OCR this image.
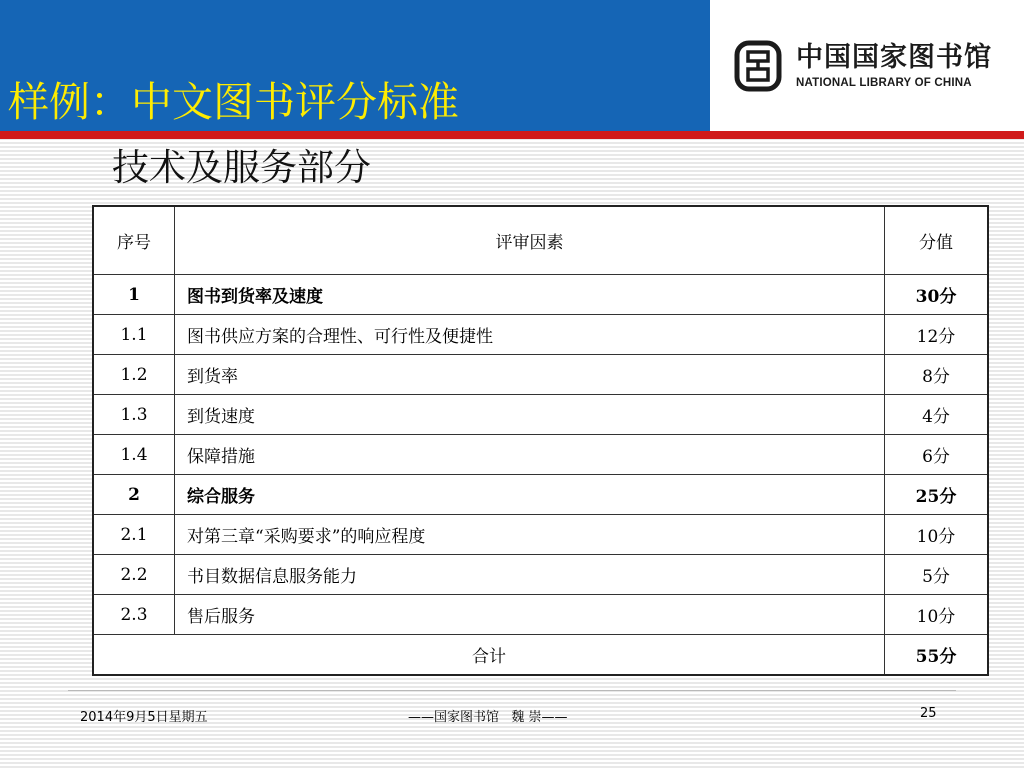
中国国家图书馆
NATIONAL LIBRARY OF CHINA
样例：中文图书评分标准
技术及服务部分
序号	评审因素	分值
1	图书到货率及速度	30分
1.1	图书供应方案的合理性、可行性及便捷性	12分
1.2	到货率	8分
1.3	到货速度	4分
1.4	保障措施	6分
2	综合服务	25分
2.1	对第三章“采购要求”的响应程度	10分
2.2	书目数据信息服务能力	5分
2.3	售后服务	10分
合计		55分
2014年9月5日星期五	——国家图书馆   魏 崇——	25
